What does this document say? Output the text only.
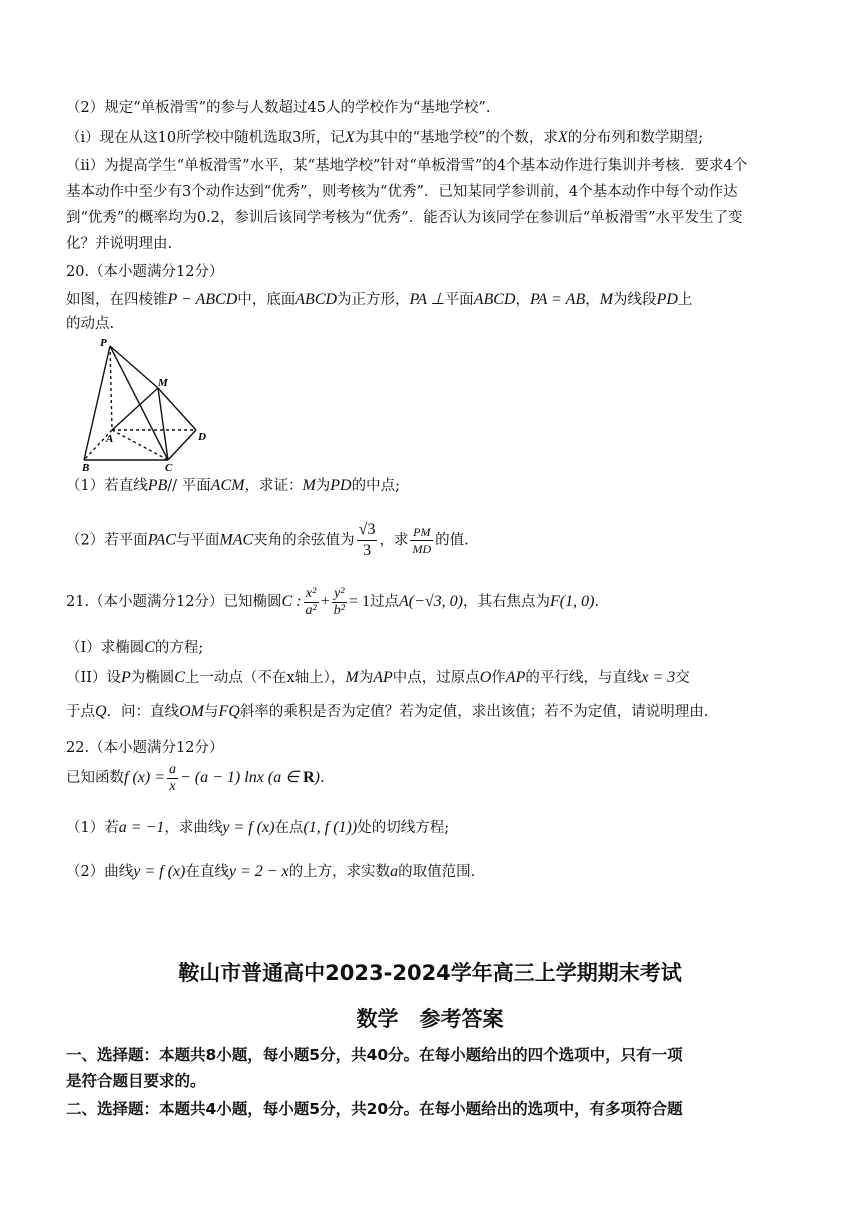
（2）规定“单板滑雪”的参与人数超过45人的学校作为“基地学校”.
（i）现在从这10所学校中随机选取3所，记X为其中的“基地学校”的个数，求X的分布列和数学期望;
（ii）为提高学生“单板滑雪”水平，某“基地学校”针对“单板滑雪”的4个基本动作进行集训并考核．要求4个
基本动作中至少有3个动作达到“优秀”，则考核为“优秀”．已知某同学参训前，4个基本动作中每个动作达
到“优秀”的概率均为0.2，参训后该同学考核为“优秀”．能否认为该同学在参训后“单板滑雪”水平发生了变
化？并说明理由.
20.（本小题满分12分）
如图，在四棱锥P − ABCD中，底面ABCD为正方形，PA ⊥平面ABCD，PA = AB，M为线段PD上
的动点.
P
M
A
B	C
D
（1）若直线PB// 平面ACM，求证：M为PD的中点;
（2）若平面PAC与平面MAC夹角的余弦值为 $\frac{√3}{3}$ ，求 $\frac{PM}{MD}$ 的值.
21.（本小题满分12分）已知椭圆C : $\frac{\text{x²}}{\text{a²}} + \frac{\text{y²}}{\text{b²}} = 1$过点A(−√3, 0)，其右焦点为F(1, 0).
（I）求椭圆C的方程;
（II）设P为椭圆C上一动点（不在x轴上），M为AP中点，过原点O作AP的平行线，与直线x = 3交
于点Q．问：直线OM与FQ斜率的乘积是否为定值？若为定值，求出该值；若不为定值，请说明理由.
22.（本小题满分12分）
已知函数f $(x) = \frac{a}{x} - (a - 1)$ lnx (a ∈ R).
（1）若a = −1，求曲线y = f (x)在点(1, f (1))处的切线方程;
（2）曲线y = f (x)在直线y = 2 − x的上方，求实数a的取值范围.
鞍山市普通高中2023-2024学年高三上学期期末考试
数学　参考答案
一、选择题：本题共8小题，每小题5分，共40分。在每小题给出的四个选项中，只有一项
是符合题目要求的。
二、选择题：本题共4小题，每小题5分，共20分。在每小题给出的选项中，有多项符合题
